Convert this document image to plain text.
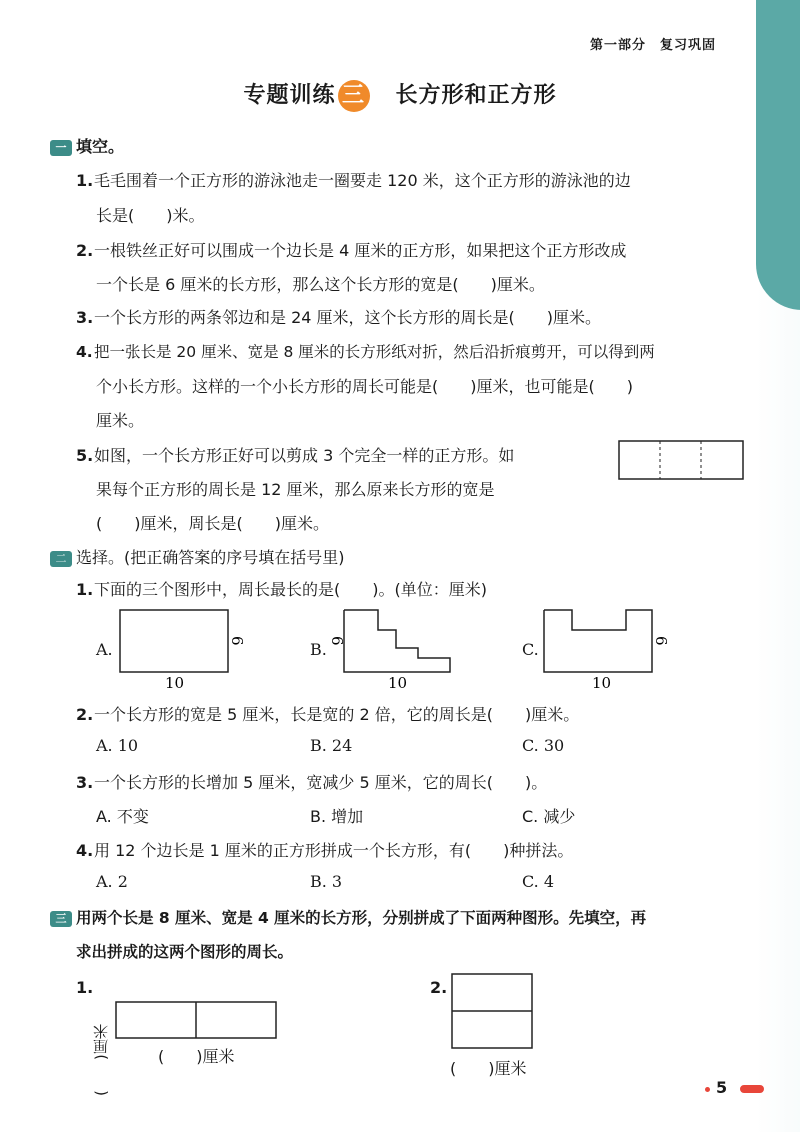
第一部分　复习巩固
专题训练 三 长方形和正方形
一 填空。
1.毛毛围着一个正方形的游泳池走一圈要走 120 米，这个正方形的游泳池的边
长是(　　)米。
2.一根铁丝正好可以围成一个边长是 4 厘米的正方形，如果把这个正方形改成
一个长是 6 厘米的长方形，那么这个长方形的宽是(　　)厘米。
3.一个长方形的两条邻边和是 24 厘米，这个长方形的周长是(　　)厘米。
4.把一张长是 20 厘米、宽是 8 厘米的长方形纸对折，然后沿折痕剪开，可以得到两
个小长方形。这样的一个小长方形的周长可能是(　　)厘米，也可能是(　　)
厘米。
5.如图，一个长方形正好可以剪成 3 个完全一样的正方形。如
果每个正方形的周长是 12 厘米，那么原来长方形的宽是
(　　)厘米，周长是(　　)厘米。
二 选择。(把正确答案的序号填在括号里)
1.下面的三个图形中，周长最长的是(　　)。(单位：厘米)
A.	B.	C.
10
6
10
6
10
6
2.一个长方形的宽是 5 厘米，长是宽的 2 倍，它的周长是(　　)厘米。
A. 10	B. 24	C. 30
3.一个长方形的长增加 5 厘米，宽减少 5 厘米，它的周长(　　)。
A. 不变	B. 增加	C. 减少
4.用 12 个边长是 1 厘米的正方形拼成一个长方形，有(　　)种拼法。
A. 2	B. 3	C. 4
三 用两个长是 8 厘米、宽是 4 厘米的长方形，分别拼成了下面两种图形。先填空，再
求出拼成的这两个图形的周长。
1.
(　　)厘米	(　　)厘米
2.
(　　)厘米
5
